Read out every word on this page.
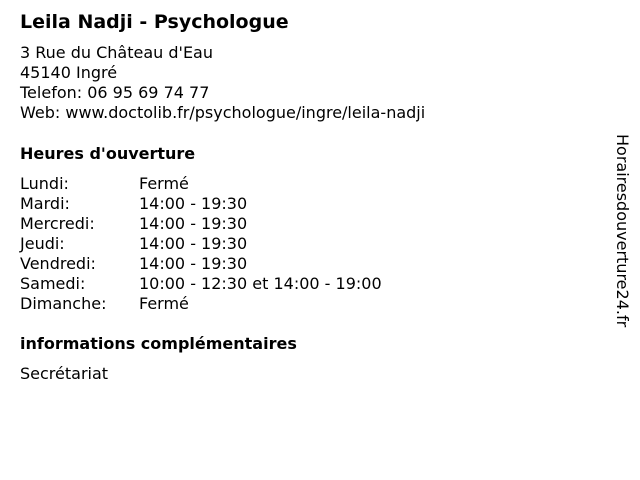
Leila Nadji - Psychologue
3 Rue du Château d'Eau
45140 Ingré
Telefon: 06 95 69 74 77
Web: www.doctolib.fr/psychologue/ingre/leila-nadji
Heures d'ouverture
Lundi:	Fermé
Mardi:	14:00 - 19:30
Mercredi:	14:00 - 19:30
Jeudi:	14:00 - 19:30
Vendredi:	14:00 - 19:30
Samedi:	10:00 - 12:30 et 14:00 - 19:00
Dimanche: Fermé
informations complémentaires
Secrétariat
Horairesdouverture24.fr
